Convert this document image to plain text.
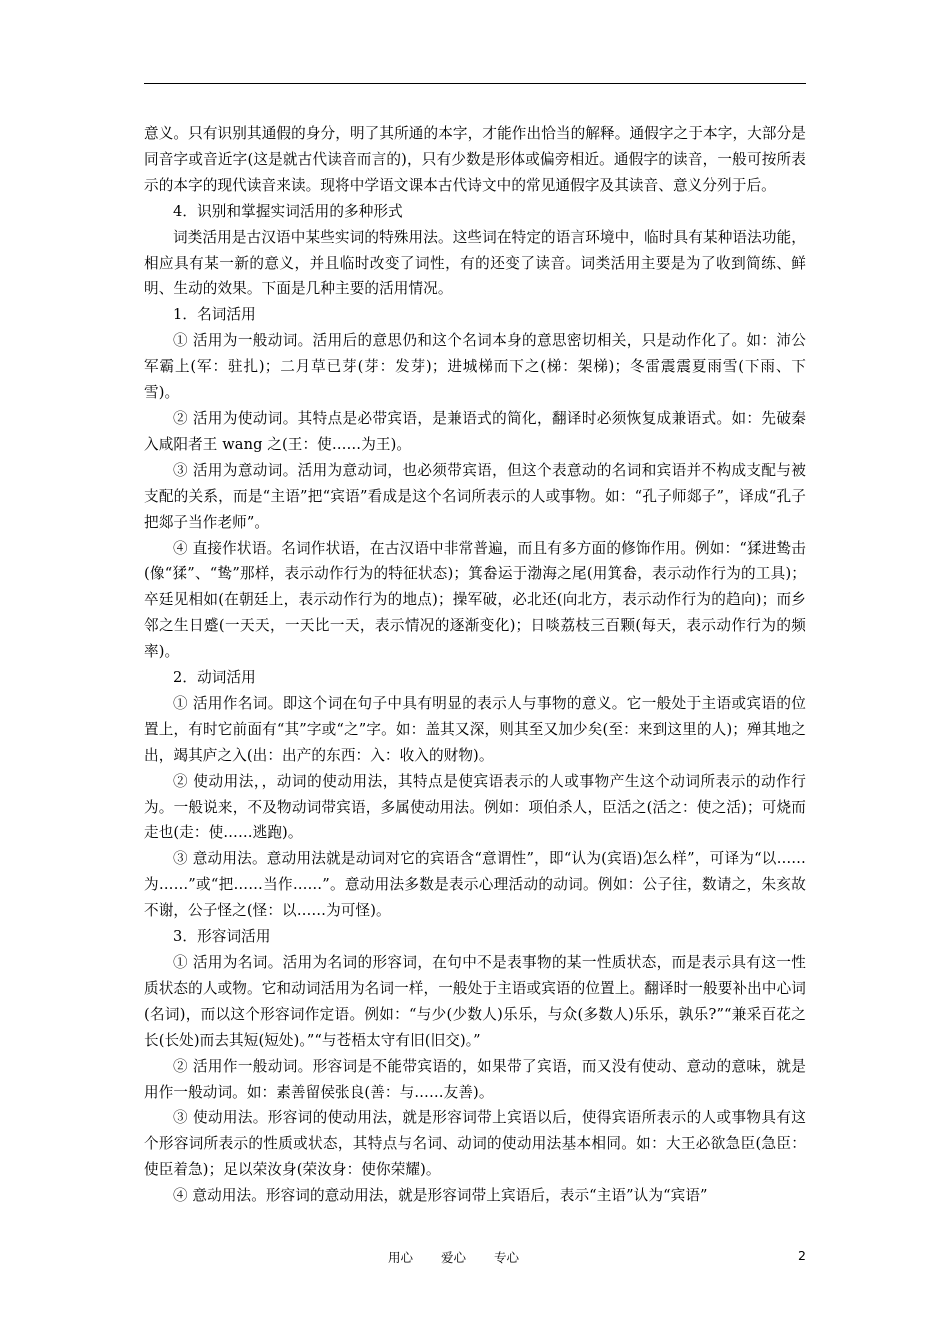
意义。只有识别其通假的身分，明了其所通的本字，才能作出恰当的解释。通假字之于本字，大部分是同音字或音近字(这是就古代读音而言的)，只有少数是形体或偏旁相近。通假字的读音，一般可按所表示的本字的现代读音来读。现将中学语文课本古代诗文中的常见通假字及其读音、意义分列于后。

4．识别和掌握实词活用的多种形式

词类活用是古汉语中某些实词的特殊用法。这些词在特定的语言环境中，临时具有某种语法功能，相应具有某一新的意义，并且临时改变了词性，有的还变了读音。词类活用主要是为了收到简练、鲜明、生动的效果。下面是几种主要的活用情况。

1．名词活用

① 活用为一般动词。活用后的意思仍和这个名词本身的意思密切相关，只是动作化了。如：沛公军霸上(军：驻扎)；二月草已芽(芽：发芽)；进城梯而下之(梯：架梯)；冬雷震震夏雨雪(下雨、下雪)。

② 活用为使动词。其特点是必带宾语，是兼语式的简化，翻译时必须恢复成兼语式。如：先破秦入咸阳者王 wang 之(王：使……为王)。

③ 活用为意动词。活用为意动词，也必须带宾语，但这个表意动的名词和宾语并不构成支配与被支配的关系，而是“主语”把“宾语”看成是这个名词所表示的人或事物。如：“孔子师郯子”，译成“孔子把郯子当作老师”。

④ 直接作状语。名词作状语，在古汉语中非常普遍，而且有多方面的修饰作用。例如：“猱进鸷击(像“猱”、“鸷”那样，表示动作行为的特征状态)；箕畚运于渤海之尾(用箕畚，表示动作行为的工具)；卒廷见相如(在朝廷上，表示动作行为的地点)；操军破，必北还(向北方，表示动作行为的趋向)；而乡邻之生日蹙(一天天，一天比一天，表示情况的逐渐变化)；日啖荔枝三百颗(每天，表示动作行为的频率)。

2．动词活用

① 活用作名词。即这个词在句子中具有明显的表示人与事物的意义。它一般处于主语或宾语的位置上，有时它前面有“其”字或“之”字。如：盖其又深，则其至又加少矣(至：来到这里的人)；殚其地之出，竭其庐之入(出：出产的东西：入：收入的财物)。

② 使动用法，，动词的使动用法，其特点是使宾语表示的人或事物产生这个动词所表示的动作行为。一般说来，不及物动词带宾语，多属使动用法。例如：项伯杀人，臣活之(活之：使之活)；可烧而走也(走：使……逃跑)。

③ 意动用法。意动用法就是动词对它的宾语含“意谓性”，即“认为(宾语)怎么样”，可译为“以……为……”或“把……当作……”。意动用法多数是表示心理活动的动词。例如：公子往，数请之，朱亥故不谢，公子怪之(怪：以……为可怪)。

3．形容词活用

① 活用为名词。活用为名词的形容词，在句中不是表事物的某一性质状态，而是表示具有这一性质状态的人或物。它和动词活用为名词一样，一般处于主语或宾语的位置上。翻译时一般要补出中心词(名词)，而以这个形容词作定语。例如：“与少(少数人)乐乐，与众(多数人)乐乐，孰乐?”“兼采百花之长(长处)而去其短(短处)。”“与苍梧太守有旧(旧交)。”

② 活用作一般动词。形容词是不能带宾语的，如果带了宾语，而又没有使动、意动的意味，就是用作一般动词。如：素善留侯张良(善：与……友善)。

③ 使动用法。形容词的使动用法，就是形容词带上宾语以后，使得宾语所表示的人或事物具有这个形容词所表示的性质或状态，其特点与名词、动词的使动用法基本相同。如：大王必欲急臣(急臣：使臣着急)；足以荣汝身(荣汝身：使你荣耀)。

④ 意动用法。形容词的意动用法，就是形容词带上宾语后，表示“主语”认为“宾语”

用心 爱心 专心	2
